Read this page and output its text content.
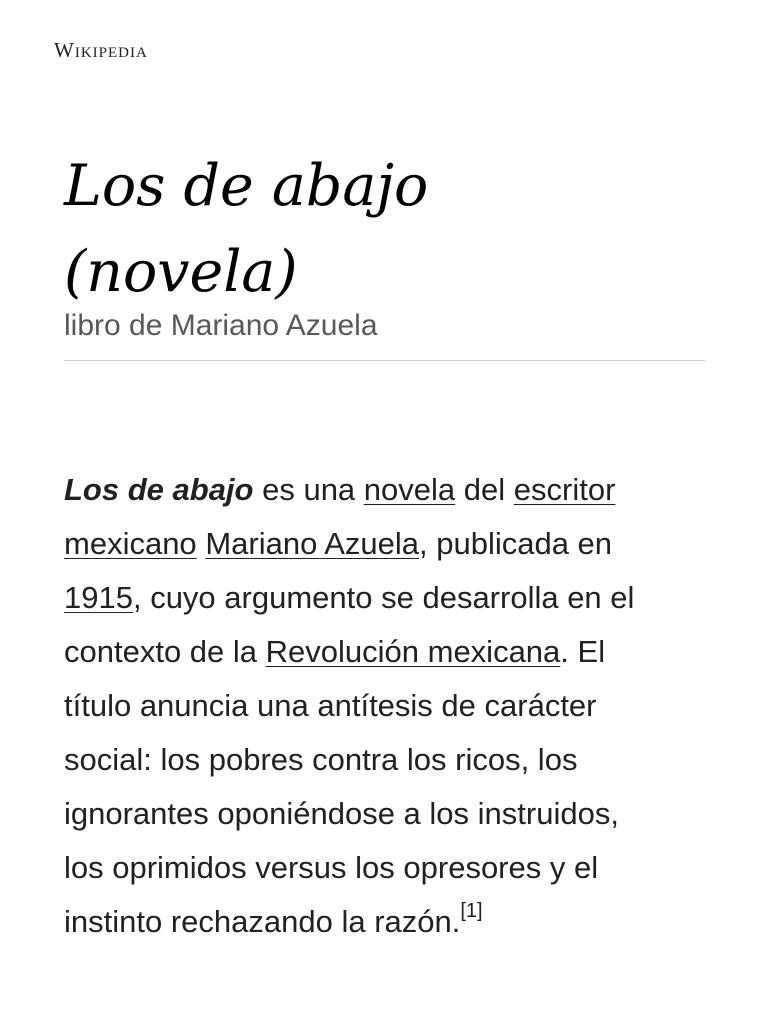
Wikipedia
Los de abajo
(novela)
libro de Mariano Azuela

Los de abajo es una novela del escritor
mexicano Mariano Azuela, publicada en
1915, cuyo argumento se desarrolla en el
contexto de la Revolución mexicana. El
título anuncia una antítesis de carácter
social: los pobres contra los ricos, los
ignorantes oponiéndose a los instruidos,
los oprimidos versus los opresores y el
instinto rechazando la razón.[1]
